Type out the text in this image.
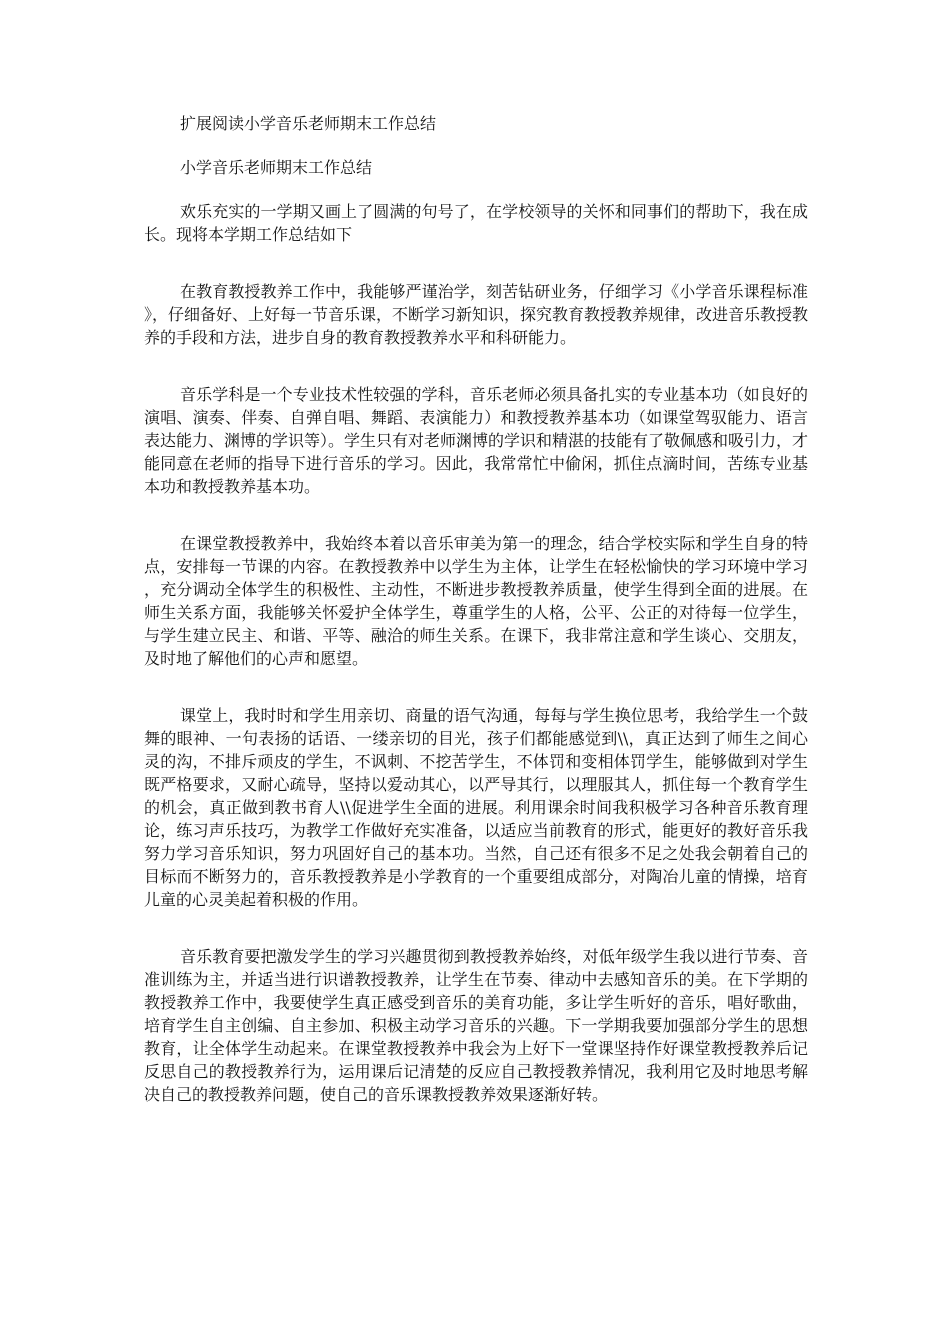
扩展阅读小学音乐老师期末工作总结

小学音乐老师期末工作总结

欢乐充实的一学期又画上了圆满的句号了，在学校领导的关怀和同事们的帮助下，我在成长。现将本学期工作总结如下

在教育教授教养工作中，我能够严谨治学，刻苦钻研业务，仔细学习《小学音乐课程标准》，仔细备好、上好每一节音乐课，不断学习新知识，探究教育教授教养规律，改进音乐教授教养的手段和方法，进步自身的教育教授教养水平和科研能力。

音乐学科是一个专业技术性较强的学科，音乐老师必须具备扎实的专业基本功（如良好的演唱、演奏、伴奏、自弹自唱、舞蹈、表演能力）和教授教养基本功（如课堂驾驭能力、语言表达能力、渊博的学识等）。学生只有对老师渊博的学识和精湛的技能有了敬佩感和吸引力，才能同意在老师的指导下进行音乐的学习。因此，我常常忙中偷闲，抓住点滴时间，苦练专业基本功和教授教养基本功。

在课堂教授教养中，我始终本着以音乐审美为第一的理念，结合学校实际和学生自身的特点，安排每一节课的内容。在教授教养中以学生为主体，让学生在轻松愉快的学习环境中学习，充分调动全体学生的积极性、主动性，不断进步教授教养质量，使学生得到全面的进展。在师生关系方面，我能够关怀爱护全体学生，尊重学生的人格，公平、公正的对待每一位学生，与学生建立民主、和谐、平等、融洽的师生关系。在课下，我非常注意和学生谈心、交朋友，及时地了解他们的心声和愿望。

课堂上，我时时和学生用亲切、商量的语气沟通，每每与学生换位思考，我给学生一个鼓舞的眼神、一句表扬的话语、一缕亲切的目光，孩子们都能感觉到\\，真正达到了师生之间心灵的沟，不排斥顽皮的学生，不讽刺、不挖苦学生，不体罚和变相体罚学生，能够做到对学生既严格要求，又耐心疏导，坚持以爱动其心，以严导其行，以理服其人，抓住每一个教育学生的机会，真正做到教书育人\\促进学生全面的进展。利用课余时间我积极学习各种音乐教育理论，练习声乐技巧，为教学工作做好充实准备，以适应当前教育的形式，能更好的教好音乐我努力学习音乐知识，努力巩固好自己的基本功。当然，自己还有很多不足之处我会朝着自己的目标而不断努力的，音乐教授教养是小学教育的一个重要组成部分，对陶冶儿童的情操，培育儿童的心灵美起着积极的作用。

音乐教育要把激发学生的学习兴趣贯彻到教授教养始终，对低年级学生我以进行节奏、音准训练为主，并适当进行识谱教授教养，让学生在节奏、律动中去感知音乐的美。在下学期的教授教养工作中，我要使学生真正感受到音乐的美育功能，多让学生听好的音乐，唱好歌曲，培育学生自主创编、自主参加、积极主动学习音乐的兴趣。下一学期我要加强部分学生的思想教育，让全体学生动起来。在课堂教授教养中我会为上好下一堂课坚持作好课堂教授教养后记反思自己的教授教养行为，运用课后记清楚的反应自己教授教养情况，我利用它及时地思考解决自己的教授教养问题，使自己的音乐课教授教养效果逐渐好转。
